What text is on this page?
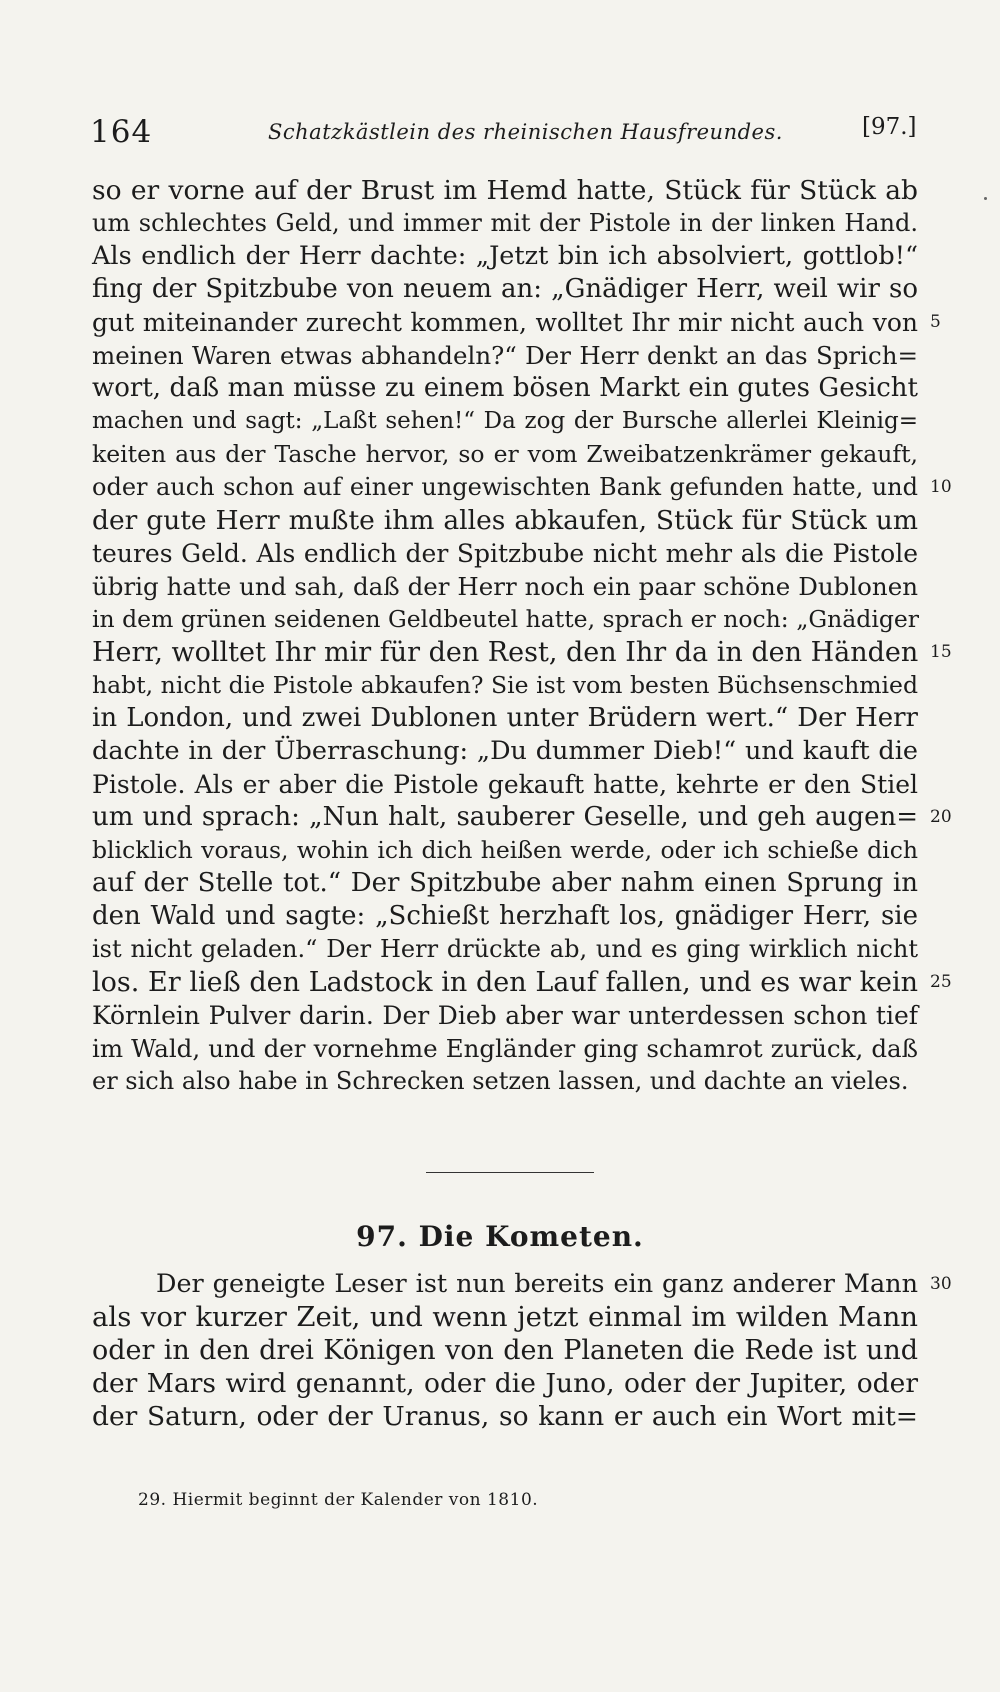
164	Schatzkästlein des rheinischen Hausfreundes.	[97.]
so er vorne auf der Brust im Hemd hatte, Stück für Stück ab
um schlechtes Geld, und immer mit der Pistole in der linken Hand.
Als endlich der Herr dachte: „Jetzt bin ich absolviert, gottlob!“
fing der Spitzbube von neuem an: „Gnädiger Herr, weil wir so
gut miteinander zurecht kommen, wolltet Ihr mir nicht auch von
meinen Waren etwas abhandeln?“ Der Herr denkt an das Sprich=
wort, daß man müsse zu einem bösen Markt ein gutes Gesicht
machen und sagt: „Laßt sehen!“ Da zog der Bursche allerlei Kleinig=
keiten aus der Tasche hervor, so er vom Zweibatzenkrämer gekauft,
oder auch schon auf einer ungewischten Bank gefunden hatte, und
der gute Herr mußte ihm alles abkaufen, Stück für Stück um
teures Geld. Als endlich der Spitzbube nicht mehr als die Pistole
übrig hatte und sah, daß der Herr noch ein paar schöne Dublonen
in dem grünen seidenen Geldbeutel hatte, sprach er noch: „Gnädiger
Herr, wolltet Ihr mir für den Rest, den Ihr da in den Händen
habt, nicht die Pistole abkaufen? Sie ist vom besten Büchsenschmied
in London, und zwei Dublonen unter Brüdern wert.“ Der Herr
dachte in der Überraschung: „Du dummer Dieb!“ und kauft die
Pistole. Als er aber die Pistole gekauft hatte, kehrte er den Stiel
um und sprach: „Nun halt, sauberer Geselle, und geh augen=
blicklich voraus, wohin ich dich heißen werde, oder ich schieße dich
auf der Stelle tot.“ Der Spitzbube aber nahm einen Sprung in
den Wald und sagte: „Schießt herzhaft los, gnädiger Herr, sie
ist nicht geladen.“ Der Herr drückte ab, und es ging wirklich nicht
los. Er ließ den Ladstock in den Lauf fallen, und es war kein
Körnlein Pulver darin. Der Dieb aber war unterdessen schon tief
im Wald, und der vornehme Engländer ging schamrot zurück, daß
er sich also habe in Schrecken setzen lassen, und dachte an vieles.
Der geneigte Leser ist nun bereits ein ganz anderer Mann
als vor kurzer Zeit, und wenn jetzt einmal im wilden Mann
oder in den drei Königen von den Planeten die Rede ist und
der Mars wird genannt, oder die Juno, oder der Jupiter, oder
der Saturn, oder der Uranus, so kann er auch ein Wort mit=
5
10
15
20
25
30
97. Die Kometen.
29. Hiermit beginnt der Kalender von 1810.
